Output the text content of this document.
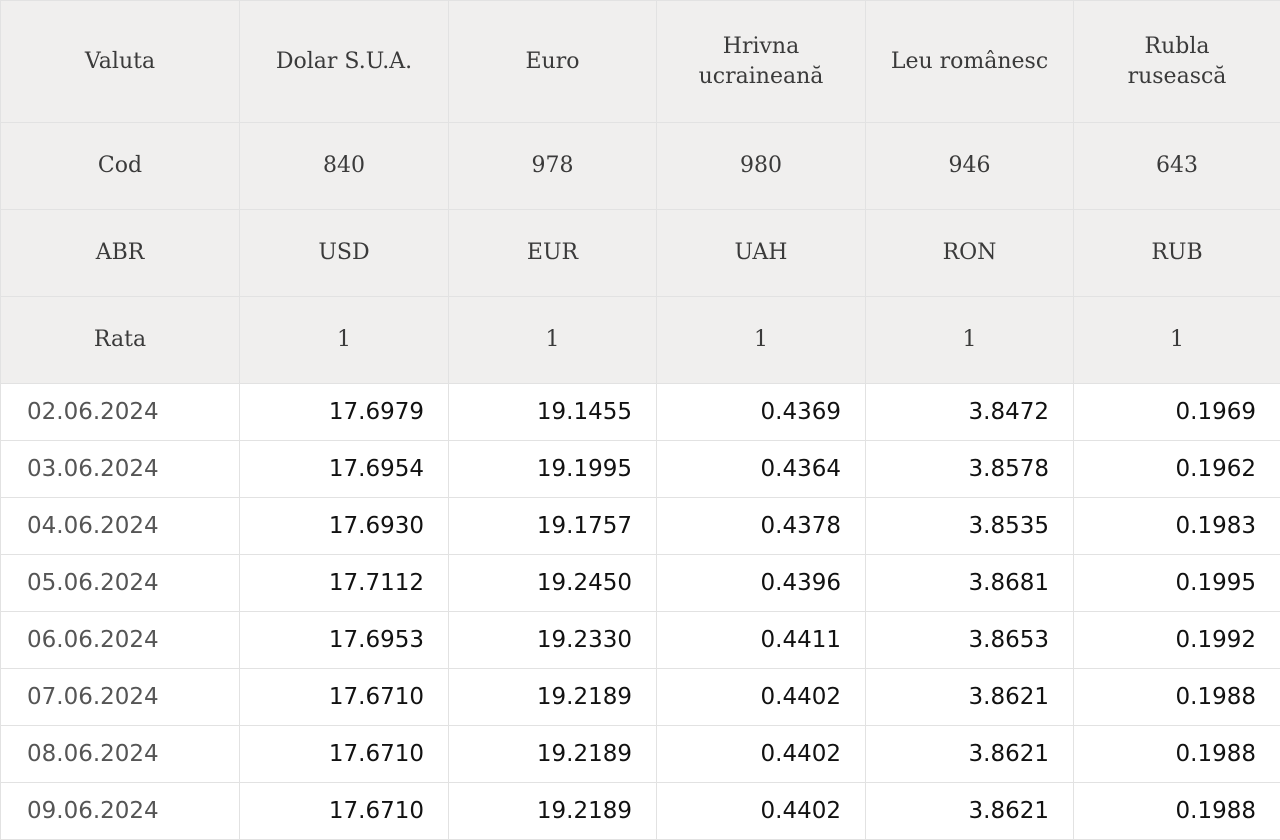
Valuta	Dolar S.U.A.	Euro	Hrivna ucraineană	Leu românesc	Rubla rusească
Cod	840	978	980	946	643
ABR	USD	EUR	UAH	RON	RUB
Rata	1	1	1	1	1
02.06.2024	17.6979	19.1455	0.4369	3.8472	0.1969
03.06.2024	17.6954	19.1995	0.4364	3.8578	0.1962
04.06.2024	17.6930	19.1757	0.4378	3.8535	0.1983
05.06.2024	17.7112	19.2450	0.4396	3.8681	0.1995
06.06.2024	17.6953	19.2330	0.4411	3.8653	0.1992
07.06.2024	17.6710	19.2189	0.4402	3.8621	0.1988
08.06.2024	17.6710	19.2189	0.4402	3.8621	0.1988
09.06.2024	17.6710	19.2189	0.4402	3.8621	0.1988
